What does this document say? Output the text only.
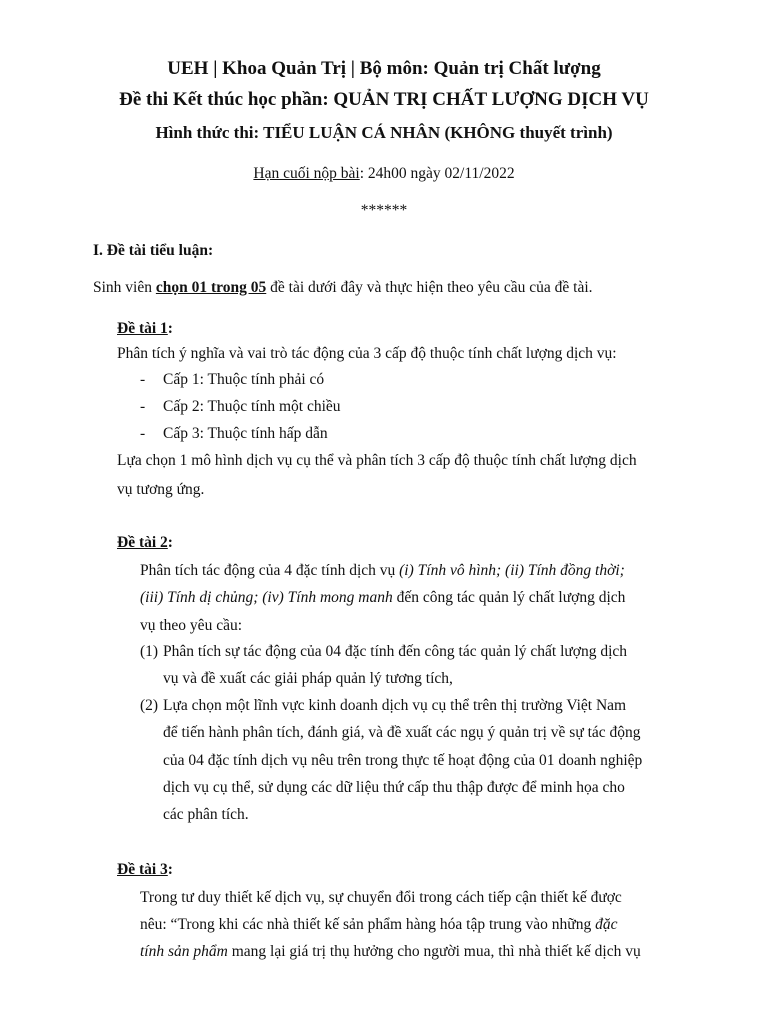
UEH | Khoa Quản Trị | Bộ môn: Quản trị Chất lượng
Đề thi Kết thúc học phần: QUẢN TRỊ CHẤT LƯỢNG DỊCH VỤ
Hình thức thi: TIỂU LUẬN CÁ NHÂN (KHÔNG thuyết trình)
Hạn cuối nộp bài: 24h00 ngày 02/11/2022
******
I. Đề tài tiểu luận:
Sinh viên chọn 01 trong 05 đề tài dưới đây và thực hiện theo yêu cầu của đề tài.
Đề tài 1:
Phân tích ý nghĩa và vai trò tác động của 3 cấp độ thuộc tính chất lượng dịch vụ:
- Cấp 1: Thuộc tính phải có
- Cấp 2: Thuộc tính một chiều
- Cấp 3: Thuộc tính hấp dẫn
Lựa chọn 1 mô hình dịch vụ cụ thể và phân tích 3 cấp độ thuộc tính chất lượng dịch
vụ tương ứng.
Đề tài 2:
Phân tích tác động của 4 đặc tính dịch vụ (i) Tính vô hình; (ii) Tính đồng thời;
(iii) Tính dị chủng; (iv) Tính mong manh đến công tác quản lý chất lượng dịch
vụ theo yêu cầu:
(1) Phân tích sự tác động của 04 đặc tính đến công tác quản lý chất lượng dịch
vụ và đề xuất các giải pháp quản lý tương tích,
(2) Lựa chọn một lĩnh vực kinh doanh dịch vụ cụ thể trên thị trường Việt Nam
để tiến hành phân tích, đánh giá, và đề xuất các ngụ ý quản trị về sự tác động
của 04 đặc tính dịch vụ nêu trên trong thực tế hoạt động của 01 doanh nghiệp
dịch vụ cụ thể, sử dụng các dữ liệu thứ cấp thu thập được để minh họa cho
các phân tích.
Đề tài 3:
Trong tư duy thiết kế dịch vụ, sự chuyển đổi trong cách tiếp cận thiết kế được
nêu: “Trong khi các nhà thiết kế sản phẩm hàng hóa tập trung vào những đặc
tính sản phẩm mang lại giá trị thụ hưởng cho người mua, thì nhà thiết kế dịch vụ
